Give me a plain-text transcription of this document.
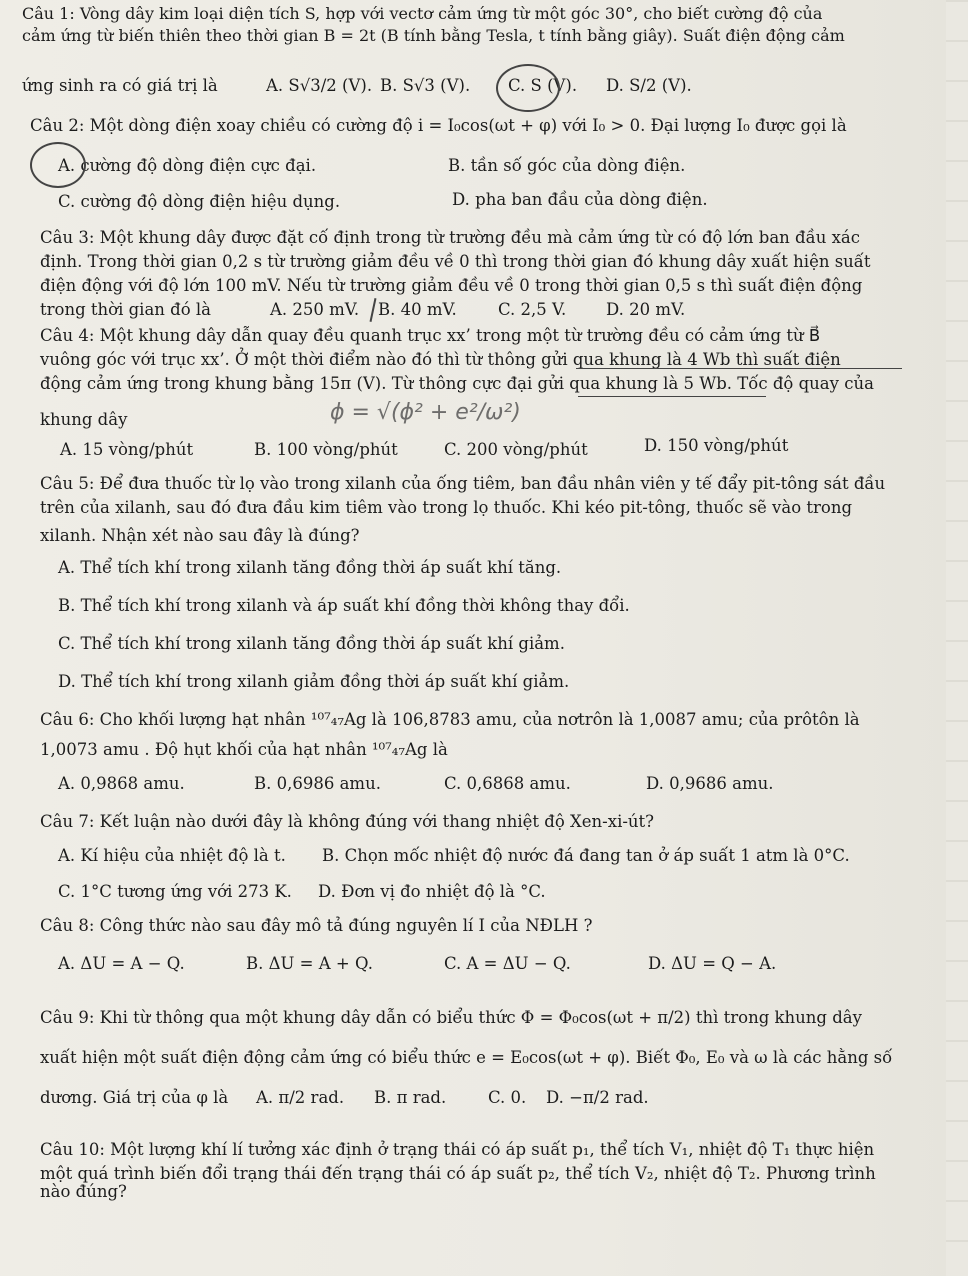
Câu 1: Vòng dây kim loại diện tích S, hợp với vectơ cảm ứng từ một góc 30°, cho biết cường độ của
cảm ứng từ biến thiên theo thời gian B = 2t (B tính bằng Tesla, t tính bằng giây). Suất điện động cảm
ứng sinh ra có giá trị là	A. S√3/2 (V). B. S√3 (V). C. S (V). D. S/2 (V).
Câu 2: Một dòng điện xoay chiều có cường độ i = I₀cos(ωt + φ) với I₀ > 0. Đại lượng I₀ được gọi là
A. cường độ dòng điện cực đại.	B. tần số góc của dòng điện.
C. cường độ dòng điện hiệu dụng.	D. pha ban đầu của dòng điện.
Câu 3: Một khung dây được đặt cố định trong từ trường đều mà cảm ứng từ có độ lớn ban đầu xác
định. Trong thời gian 0,2 s từ trường giảm đều về 0 thì trong thời gian đó khung dây xuất hiện suất
điện động với độ lớn 100 mV. Nếu từ trường giảm đều về 0 trong thời gian 0,5 s thì suất điện động
trong thời gian đó là	A. 250 mV. B. 40 mV. C. 2,5 V. D. 20 mV.
Câu 4: Một khung dây dẫn quay đều quanh trục xx’ trong một từ trường đều có cảm ứng từ B⃗
vuông góc với trục xx’. Ở một thời điểm nào đó thì từ thông gửi qua khung là 4 Wb thì suất điện
động cảm ứng trong khung bằng 15π (V). Từ thông cực đại gửi qua khung là 5 Wb. Tốc độ quay của
khung dây	ϕ = √(ϕ² + e²/ω²)
A. 15 vòng/phút	B. 100 vòng/phút	C. 200 vòng/phút	D. 150 vòng/phút
Câu 5: Để đưa thuốc từ lọ vào trong xilanh của ống tiêm, ban đầu nhân viên y tế đẩy pit-tông sát đầu
trên của xilanh, sau đó đưa đầu kim tiêm vào trong lọ thuốc. Khi kéo pit-tông, thuốc sẽ vào trong
xilanh. Nhận xét nào sau đây là đúng?
A. Thể tích khí trong xilanh tăng đồng thời áp suất khí tăng.
B. Thể tích khí trong xilanh và áp suất khí đồng thời không thay đổi.
C. Thể tích khí trong xilanh tăng đồng thời áp suất khí giảm.
D. Thể tích khí trong xilanh giảm đồng thời áp suất khí giảm.
Câu 6: Cho khối lượng hạt nhân ¹⁰⁷₄₇Ag là 106,8783 amu, của nơtrôn là 1,0087 amu; của prôtôn là
1,0073 amu . Độ hụt khối của hạt nhân ¹⁰⁷₄₇Ag là
A. 0,9868 amu.	B. 0,6986 amu.	C. 0,6868 amu.	D. 0,9686 amu.
Câu 7: Kết luận nào dưới đây là không đúng với thang nhiệt độ Xen-xi-út?
A. Kí hiệu của nhiệt độ là t. B. Chọn mốc nhiệt độ nước đá đang tan ở áp suất 1 atm là 0°C.
C. 1°C tương ứng với 273 K. D. Đơn vị đo nhiệt độ là °C.
Câu 8: Công thức nào sau đây mô tả đúng nguyên lí I của NĐLH ?
A. ΔU = A − Q.	B. ΔU = A + Q.	C. A = ΔU − Q.	D. ΔU = Q − A.
Câu 9: Khi từ thông qua một khung dây dẫn có biểu thức Φ = Φ₀cos(ωt + π/2) thì trong khung dây
xuất hiện một suất điện động cảm ứng có biểu thức e = E₀cos(ωt + φ). Biết Φ₀, E₀ và ω là các hằng số
dương. Giá trị của φ là A. π/2 rad. B. π rad.	C. 0. D. −π/2 rad.
Câu 10: Một lượng khí lí tưởng xác định ở trạng thái có áp suất p₁, thể tích V₁, nhiệt độ T₁ thực hiện
một quá trình biến đổi trạng thái đến trạng thái có áp suất p₂, thể tích V₂, nhiệt độ T₂. Phương trình
nào đúng?
